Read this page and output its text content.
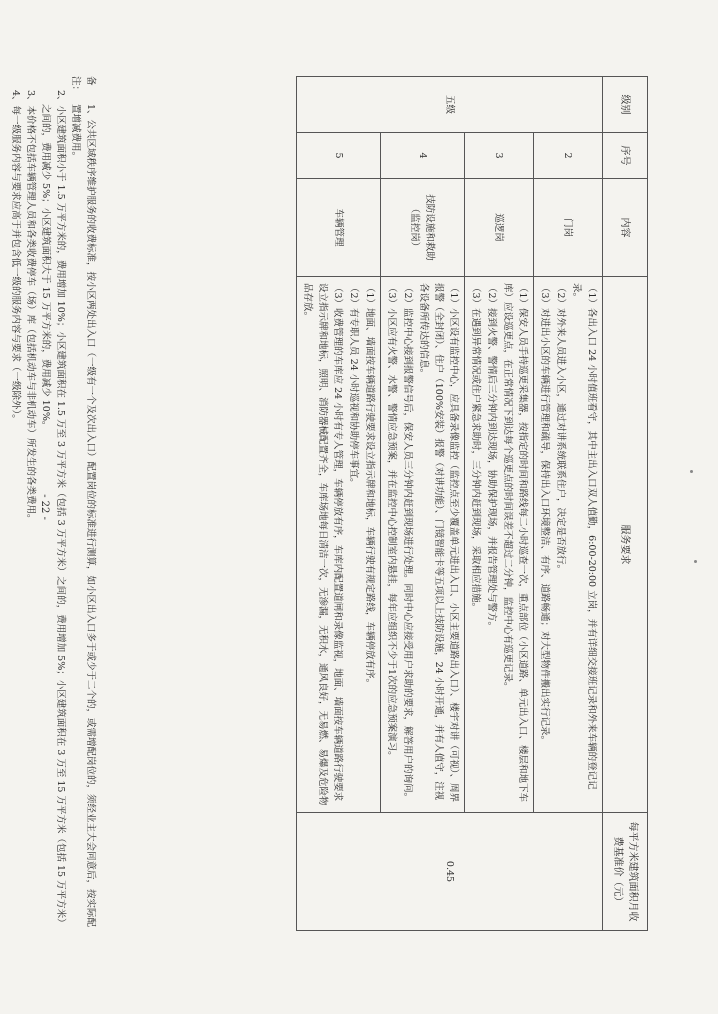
级别	序号	内容	服务要求	每平方米建筑面积月收费基准价（元）
五级	2	门岗	（1）各出入口 24 小时值班看守，其中主出入口双人值勤，6:00-20:00 立岗，并有详细交接班记录和外来车辆的登记记录。
（2）对外来人员进入小区，通过对讲系统联系住户，决定是否放行。
（3）对进出小区的车辆进行管理和疏导，保持出入口环境整洁、有序、道路畅通；对大型物件搬出实行记录。	0.45
	3	巡逻岗	（1）保安人员手持巡更采集器，按指定的时间和路线每二小时巡查一次，重点部位（小区道路、单元出入口、楼层和地下车库）应设巡更点，在正常情况下到达每个巡更点的时间误差不超过二分钟，监控中心有巡更记录。
（2）接到火警、警情后三分钟内到达现场，协助保护现场，并报告管理处与警方。
（3）在遇到异常情况或住户紧急求助时，三分钟内赶到现场，采取相应措施。	

	4	技防设施和救助（监控岗）	（1）小区设有监控中心，应具备录像监控（监控点至少覆盖单元进出入口、小区主要道路出入口）、楼宇对讲（可视）、周界报警（全封闭）、住户（100%安装）报警（对讲功能）、门镜智能卡等五项以上技防设施，24 小时开通，并有人值守，注视各设备所传达的信息。
（2）监控中心接到报警信号后，保安人员三分钟内赶到现场进行处理。同时中心应接受用户求助的要求，解答用户的询问。
（3）小区应有火警、水警、警情应急预案，并在监控中心控制室内悬挂，每年应组织不少于1次的应急预案演习。	

	5	车辆管理	（1）地面、墙面按车辆道路行驶要求设立指示牌和地标，车辆行驶有规定路线，车辆停放有序。
（2）有专职人员 24 小时巡视和协助停车事宜。
（3）收费管理的车库应 24 小时有专人管理，车辆停放有序，车库内配置道闸和录像监视，地面、墙面按车辆道路行驶要求设立指示牌和地标，照明、消防器械配置齐全，车库场地每日清洁一次，无渗漏，无积水，通风良好，无易燃、易爆及危险物品存放。	
备注：
1、公共区域秩序维护服务的收费标准，按小区两处出入口（一级有一个及次出入口）配置岗位的标准进行测算，如小区出入口多于或少于二个的，或需增配岗位的，须经业主大会同意后，按实际配置增减费用。

2、小区建筑面积小于 1.5 万平方米的，费用增加 10%；小区建筑面积在 1.5 万至 3 万平方米（包括 3 万平方米）之间的，费用增加 5%；小区建筑面积在 3 万至 15 万平方米（包括 15 万平方米）之间的，费用减少 5%；小区建筑面积大于 15 万平方米的，费用减少 10%。

3、本价格不包括车辆管理人员和各类收费停车（场）库（包括机动车与非机动车）所发生的各类费用。

4、每一级服务内容与要求应高于并包含低一级的服务内容与要求（一级除外）。

- 22 -
